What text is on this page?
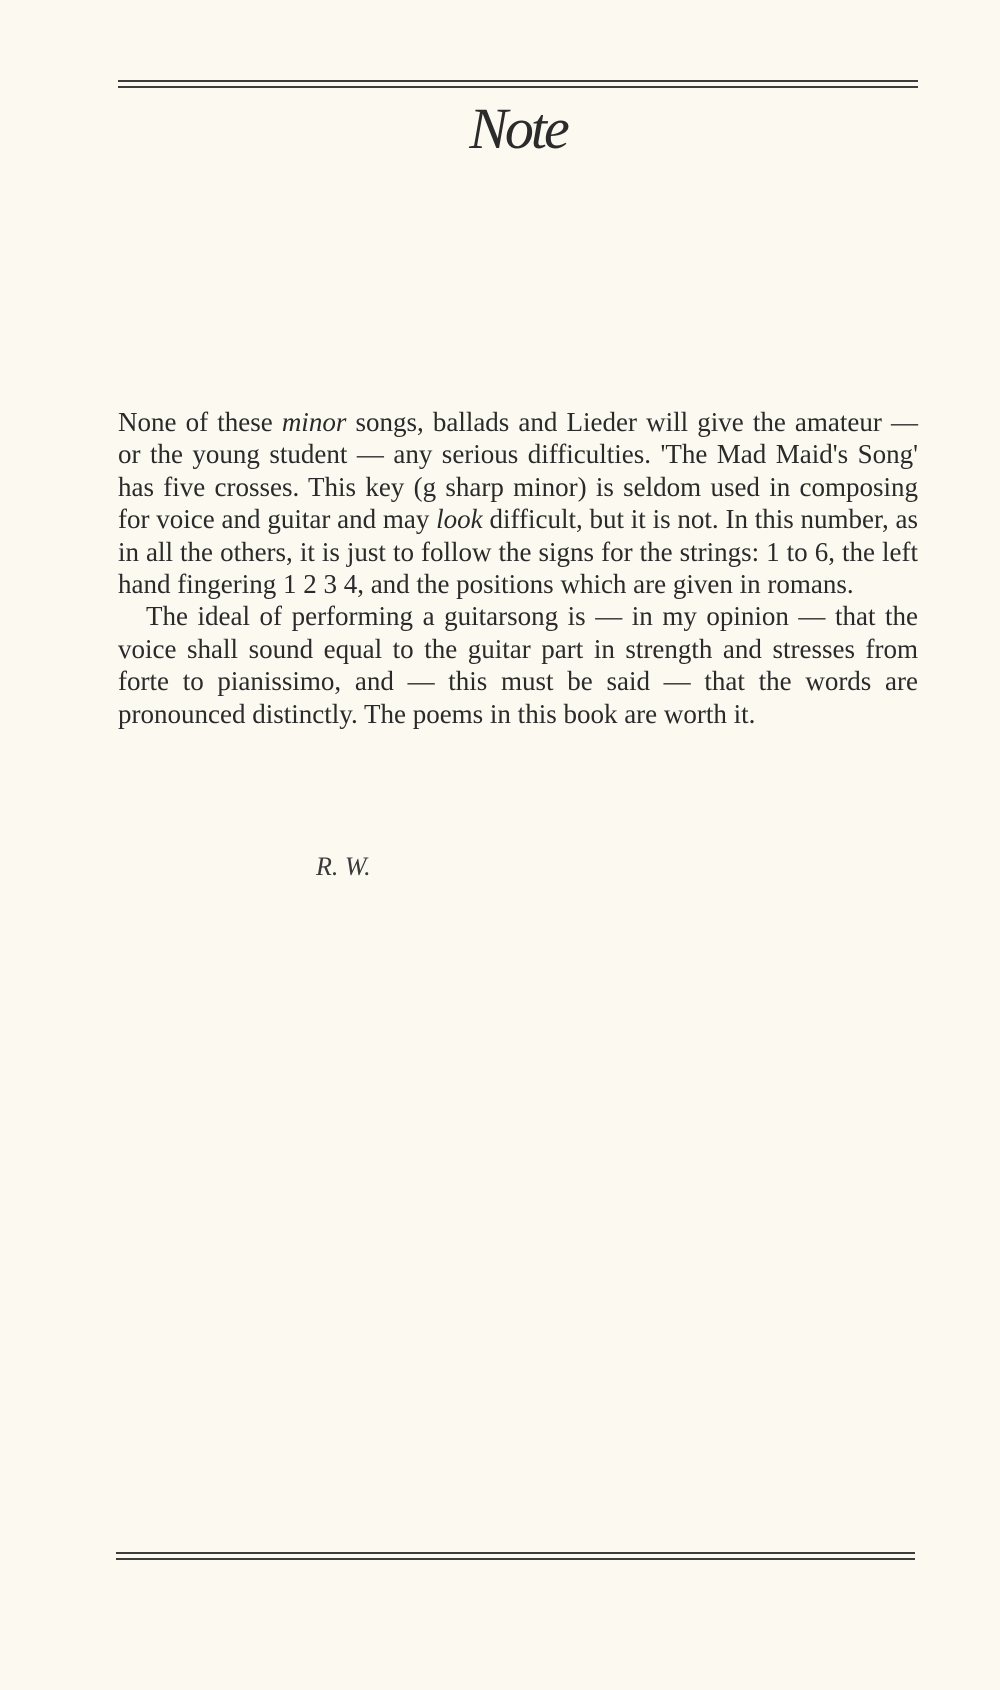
Note

None of these minor songs, ballads and Lieder will give the amateur — or the young student — any serious difficulties. 'The Mad Maid's Song' has five crosses. This key (g sharp minor) is seldom used in composing for voice and guitar and may look difficult, but it is not. In this number, as in all the others, it is just to follow the signs for the strings: 1 to 6, the left hand fingering 1 2 3 4, and the positions which are given in romans.

The ideal of performing a guitarsong is — in my opinion — that the voice shall sound equal to the guitar part in strength and stresses from forte to pianissimo, and — this must be said — that the words are pronounced distinctly. The poems in this book are worth it.

R. W.
